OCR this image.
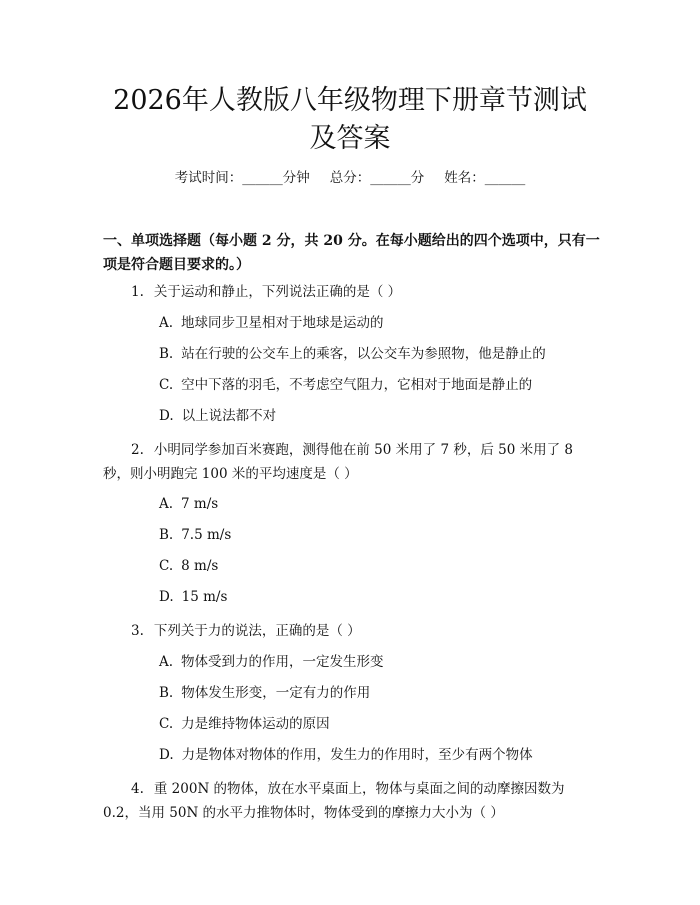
2026年人教版八年级物理下册章节测试及答案
考试时间：______分钟 总分：______分 姓名：______
一、单项选择题（每小题 2 分，共 20 分。在每小题给出的四个选项中，只有一项是符合题目要求的。）
1. 关于运动和静止，下列说法正确的是（ ）
A. 地球同步卫星相对于地球是运动的
B. 站在行驶的公交车上的乘客，以公交车为参照物，他是静止的
C. 空中下落的羽毛，不考虑空气阻力，它相对于地面是静止的
D. 以上说法都不对
2. 小明同学参加百米赛跑，测得他在前 50 米用了 7 秒，后 50 米用了 8 秒，则小明跑完 100 米的平均速度是（ ）
A. 7 m/s
B. 7.5 m/s
C. 8 m/s
D. 15 m/s
3. 下列关于力的说法，正确的是（ ）
A. 物体受到力的作用，一定发生形变
B. 物体发生形变，一定有力的作用
C. 力是维持物体运动的原因
D. 力是物体对物体的作用，发生力的作用时，至少有两个物体
4. 重 200N 的物体，放在水平桌面上，物体与桌面之间的动摩擦因数为 0.2，当用 50N 的水平力推物体时，物体受到的摩擦力大小为（ ）
